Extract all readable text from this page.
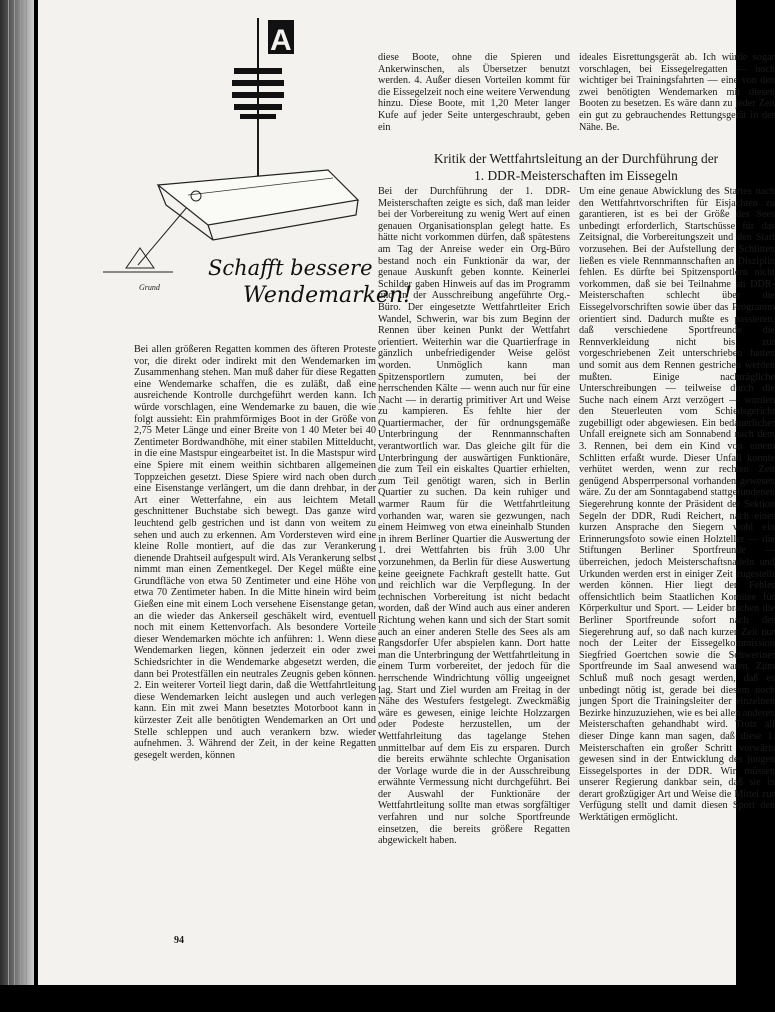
A
Grund
Schafft bessere
Wendemarken!

Bei allen größeren Regatten kommen des öfteren Proteste vor, die direkt oder indirekt mit den Wendemarken im Zusammenhang stehen. Man muß daher für diese Regatten eine Wendemarke schaffen, die es zuläßt, daß eine ausreichende Kontrolle durchgeführt werden kann. Ich würde vorschlagen, eine Wendemarke zu bauen, die wie folgt aussieht: Ein prahmförmiges Boot in der Größe von 2,75 Meter Länge und einer Breite von 1 40 Meter bei 40 Zentimeter Bordwandhöhe, mit einer stabilen Mittelducht, in die eine Mastspur eingearbeitet ist. In die Mastspur wird eine Spiere mit einem weithin sichtbaren allgemeinen Toppzeichen gesetzt. Diese Spiere wird nach oben durch eine Eisenstange verlängert, um die dann drehbar, in der Art einer Wetterfahne, ein aus leichtem Metall geschnittener Buchstabe sich bewegt. Das ganze wird leuchtend gelb gestrichen und ist dann von weitem zu sehen und auch zu erkennen. Am Vordersteven wird eine kleine Rolle montiert, auf die das zur Verankerung dienende Drahtseil aufgespult wird. Als Verankerung selbst nimmt man einen Zementkegel. Der Kegel müßte eine Grundfläche von etwa 50 Zentimeter und eine Höhe von etwa 70 Zentimeter haben. In die Mitte hinein wird beim Gießen eine mit einem Loch versehene Eisenstange getan, an die wieder das Ankerseil geschäkelt wird, eventuell noch mit einem Kettenvorfach. Als besondere Vorteile dieser Wendemarken möchte ich anführen: 1. Wenn diese Wendemarken liegen, können jederzeit ein oder zwei Schiedsrichter in die Wendemarke abgesetzt werden, die dann bei Protestfällen ein neutrales Zeugnis geben können. 2. Ein weiterer Vorteil liegt darin, daß die Wettfahrtleitung diese Wendemarken leicht auslegen und auch verlegen kann. Ein mit zwei Mann besetztes Motorboot kann in kürzester Zeit alle benötigten Wendemarken an Ort und Stelle schleppen und auch verankern bzw. wieder aufnehmen. 3. Während der Zeit, in der keine Regatten gesegelt werden, können

diese Boote, ohne die Spieren und Ankerwinschen, als Übersetzer benutzt werden. 4. Außer diesen Vorteilen kommt für die Eissegelzeit noch eine weitere Verwendung hinzu. Diese Boote, mit 1,20 Meter langer Kufe auf jeder Seite untergeschraubt, geben ein

ideales Eisrettungsgerät ab. Ich würde sogar vorschlagen, bei Eissegelregatten — noch wichtiger bei Trainingsfahrten — eine von den zwei benötigten Wendemarken mit diesen Booten zu besetzen. Es wäre dann zu jeder Zeit ein gut zu gebrauchendes Rettungsgerät in der Nähe. Be.

Kritik der Wettfahrtsleitung an der Durchführung der
1. DDR-Meisterschaften im Eissegeln

Bei der Durchführung der 1. DDR-Meisterschaften zeigte es sich, daß man leider bei der Vorbereitung zu wenig Wert auf einen genauen Organisationsplan gelegt hatte. Es hätte nicht vorkommen dürfen, daß spätestens am Tag der Anreise weder ein Org-Büro bestand noch ein Funktionär da war, der genaue Auskunft geben konnte. Keinerlei Schilder gaben Hinweis auf das im Programm und in der Ausschreibung angeführte Org.-Büro. Der eingesetzte Wettfahrtleiter Erich Wandel, Schwerin, war bis zum Beginn der Rennen über keinen Punkt der Wettfahrt orientiert. Weiterhin war die Quartierfrage in gänzlich unbefriedigender Weise gelöst worden. Unmöglich kann man Spitzensportlern zumuten, bei der herrschenden Kälte — wenn auch nur für eine Nacht — in derartig primitiver Art und Weise zu kampieren. Es fehlte hier der Quartiermacher, der für ordnungsgemäße Unterbringung der Rennmannschaften verantwortlich war. Das gleiche gilt für die Unterbringung der auswärtigen Funktionäre, die zum Teil ein eiskaltes Quartier erhielten, zum Teil genötigt waren, sich in Berlin Quartier zu suchen. Da kein ruhiger und warmer Raum für die Wettfahrtleitung vorhanden war, waren sie gezwungen, nach einem Heimweg von etwa eineinhalb Stunden in ihrem Berliner Quartier die Auswertung der 1. drei Wettfahrten bis früh 3.00 Uhr vorzunehmen, da Berlin für diese Auswertung keine geeignete Fachkraft gestellt hatte. Gut und reichlich war die Verpflegung. In der technischen Vorbereitung ist nicht bedacht worden, daß der Wind auch aus einer anderen Richtung wehen kann und sich der Start somit auch an einer anderen Stelle des Sees als am Rangsdorfer Ufer abspielen kann. Dort hatte man die Unterbringung der Wettfahrtleitung in einem Turm vorbereitet, der jedoch für die herrschende Windrichtung völlig ungeeignet lag. Start und Ziel wurden am Freitag in der Nähe des Westufers festgelegt. Zweckmäßig wäre es gewesen, einige leichte Holzzargen oder Podeste herzustellen, um der Wettfahrleitung das tagelange Stehen unmittelbar auf dem Eis zu ersparen. Durch die bereits erwähnte schlechte Organisation der Vorlage wurde die in der Ausschreibung erwähnte Vermessung nicht durchgeführt. Bei der Auswahl der Funktionäre der Wettfahrtleitung sollte man etwas sorgfältiger verfahren und nur solche Sportfreunde einsetzen, die bereits größere Regatten abgewickelt haben.

Um eine genaue Abwicklung des Startes nach den Wettfahrtvorschriften für Eisjachten zu garantieren, ist es bei der Größe des Sees unbedingt erforderlich, Startschüsse für das Zeitsignal, die Vorbereitungszeit und den Start vorzusehen. Bei der Aufstellung der Schlitten ließen es viele Rennmannschaften an Disziplin fehlen. Es dürfte bei Spitzensportlern nicht vorkommen, daß sie bei Teilnahme an DDR-Meisterschaften schlecht über die Eissegelvorschriften sowie über das Programm orientiert sind. Dadurch mußte es passieren, daß verschiedene Sportfreunde die Rennverkleidung nicht bis zur vorgeschriebenen Zeit unterschrieben hatten und somit aus dem Rennen gestrichen werden mußten. Einige nachträgliche Unterschreibungen — teilweise durch die Suche nach einem Arzt verzögert — wurden den Steuerleuten vom Schiedsgericht zugebilligt oder abgewiesen. Ein bedauerlicher Unfall ereignete sich am Sonnabend nach dem 3. Rennen, bei dem ein Kind von einem Schlitten erfaßt wurde. Dieser Unfall konnte verhütet werden, wenn zur rechten Zeit genügend Absperrpersonal vorhanden gewesen wäre. Zu der am Sonntagabend stattgefundenen Siegerehrung konnte der Präsident der Sektion Segeln der DDR, Rudi Reichert, nach einer kurzen Ansprache den Siegern wohl ein Erinnerungsfoto sowie einen Holzteller — die Stiftungen Berliner Sportfreunde — überreichen, jedoch Meisterschaftsnadeln und Urkunden werden erst in einiger Zeit zugestellt werden können. Hier liegt der Fehler offensichtlich beim Staatlichen Komitee für Körperkultur und Sport. — Leider brachen die Berliner Sportfreunde sofort nach der Siegerehrung auf, so daß nach kurzer Zeit nur noch der Leiter der Eissegelkommission Siegfried Goertchen sowie die Schweriner Sportfreunde im Saal anwesend waren. Zum Schluß muß noch gesagt werden, daß es unbedingt nötig ist, gerade bei diesem noch jungen Sport die Trainingsleiter der einzelnen Bezirke hinzuzuziehen, wie es bei allen anderen Meisterschaften gehandhabt wird. Trotz all dieser Dinge kann man sagen, daß diese 1. Meisterschaften ein großer Schritt vorwärts gewesen sind in der Entwicklung des jungen Eissegelsportes in der DDR. Wir müssen unserer Regierung dankbar sein, daß sie in derart großzügiger Art und Weise die Mittel zur Verfügung stellt und damit diesen Sport den Werktätigen ermöglicht.

94
